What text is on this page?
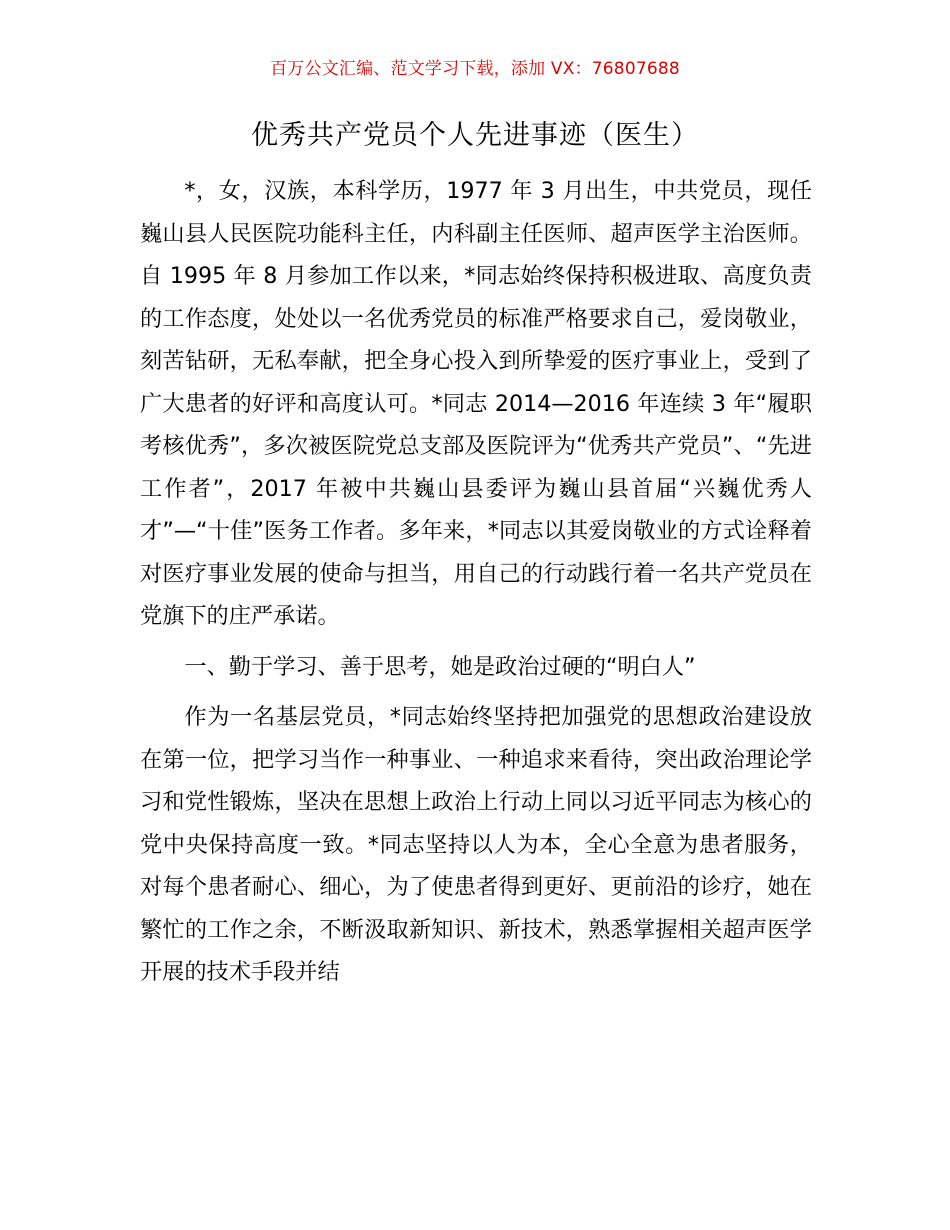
百万公文汇编、范文学习下载，添加 VX：76807688
优秀共产党员个人先进事迹（医生）

*，女，汉族，本科学历，1977 年 3 月出生，中共党员，现任巍山县人民医院功能科主任，内科副主任医师、超声医学主治医师。自 1995 年 8 月参加工作以来，*同志始终保持积极进取、高度负责的工作态度，处处以一名优秀党员的标准严格要求自己，爱岗敬业，刻苦钻研，无私奉献，把全身心投入到所挚爱的医疗事业上，受到了广大患者的好评和高度认可。*同志 2014—2016 年连续 3 年“履职考核优秀”，多次被医院党总支部及医院评为“优秀共产党员”、“先进工作者”，2017 年被中共巍山县委评为巍山县首届“兴巍优秀人才”—“十佳”医务工作者。多年来，*同志以其爱岗敬业的方式诠释着对医疗事业发展的使命与担当，用自己的行动践行着一名共产党员在党旗下的庄严承诺。

一、勤于学习、善于思考，她是政治过硬的“明白人”

作为一名基层党员，*同志始终坚持把加强党的思想政治建设放在第一位，把学习当作一种事业、一种追求来看待，突出政治理论学习和党性锻炼，坚决在思想上政治上行动上同以习近平同志为核心的党中央保持高度一致。*同志坚持以人为本，全心全意为患者服务，对每个患者耐心、细心，为了使患者得到更好、更前沿的诊疗，她在繁忙的工作之余，不断汲取新知识、新技术，熟悉掌握相关超声医学开展的技术手段并结
